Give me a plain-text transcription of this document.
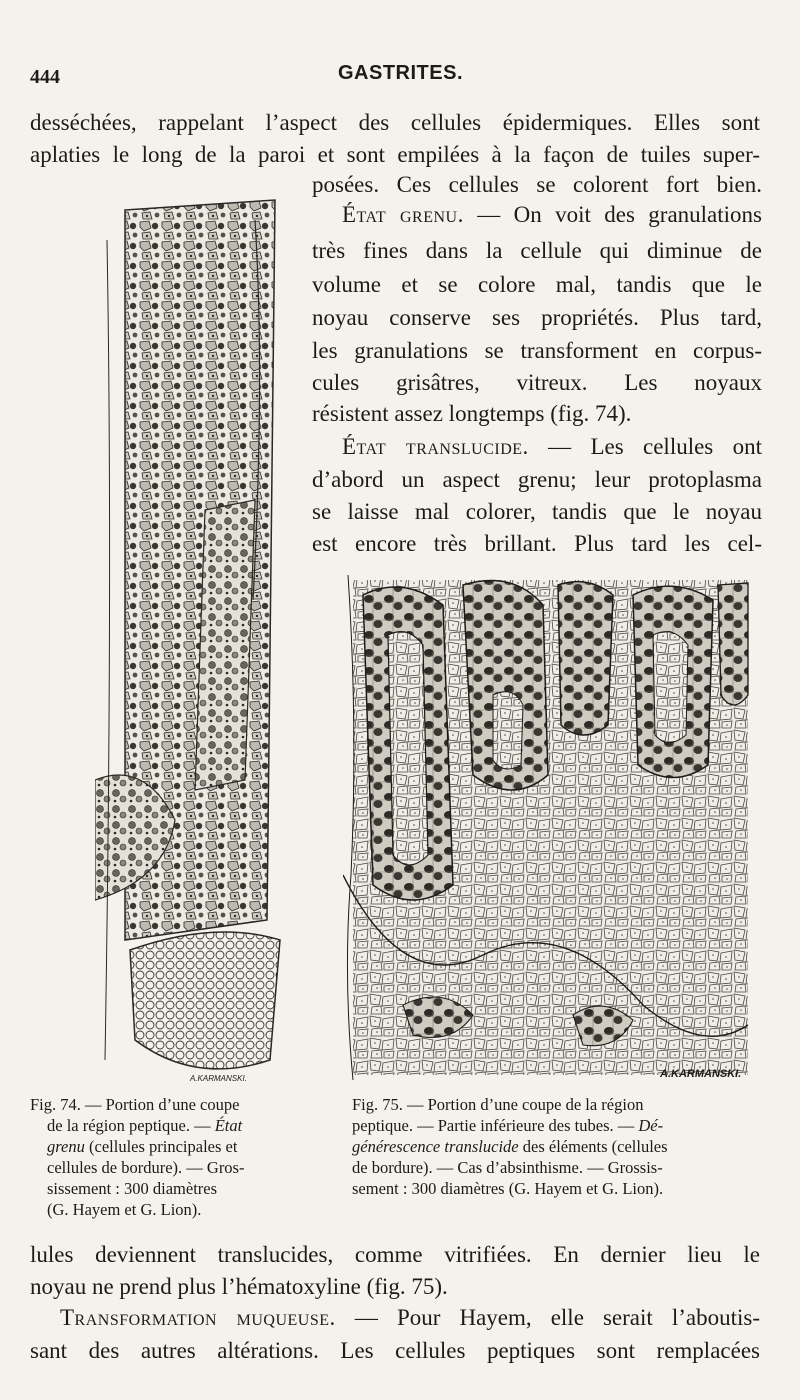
444	GASTRITES.
desséchées, rappelant l’aspect des cellules épidermiques. Elles sont
aplaties le long de la paroi et sont empilées à la façon de tuiles super-
posées. Ces cellules se colorent fort bien.
État grenu. — On voit des granulations
très fines dans la cellule qui diminue de
volume et se colore mal, tandis que le
noyau conserve ses propriétés. Plus tard,
les granulations se transforment en corpus-
cules grisâtres, vitreux. Les noyaux
résistent assez longtemps (fig. 74).
État translucide. — Les cellules ont
d’abord un aspect grenu; leur protoplasma
se laisse mal colorer, tandis que le noyau
est encore très brillant. Plus tard les cel-
A.KARMANSKI.	A.KARMANSKI.
Fig. 74. — Portion d’une coupe
de la région peptique. — État
grenu (cellules principales et
cellules de bordure). — Gros-
sissement : 300 diamètres
(G. Hayem et G. Lion).
Fig. 75. — Portion d’une coupe de la région
peptique. — Partie inférieure des tubes. — Dé-
générescence translucide des éléments (cellules
de bordure). — Cas d’absinthisme. — Grossis-
sement : 300 diamètres (G. Hayem et G. Lion).
lules deviennent translucides, comme vitrifiées. En dernier lieu le
noyau ne prend plus l’hématoxyline (fig. 75).
Transformation muqueuse. — Pour Hayem, elle serait l’aboutis-
sant des autres altérations. Les cellules peptiques sont remplacées
